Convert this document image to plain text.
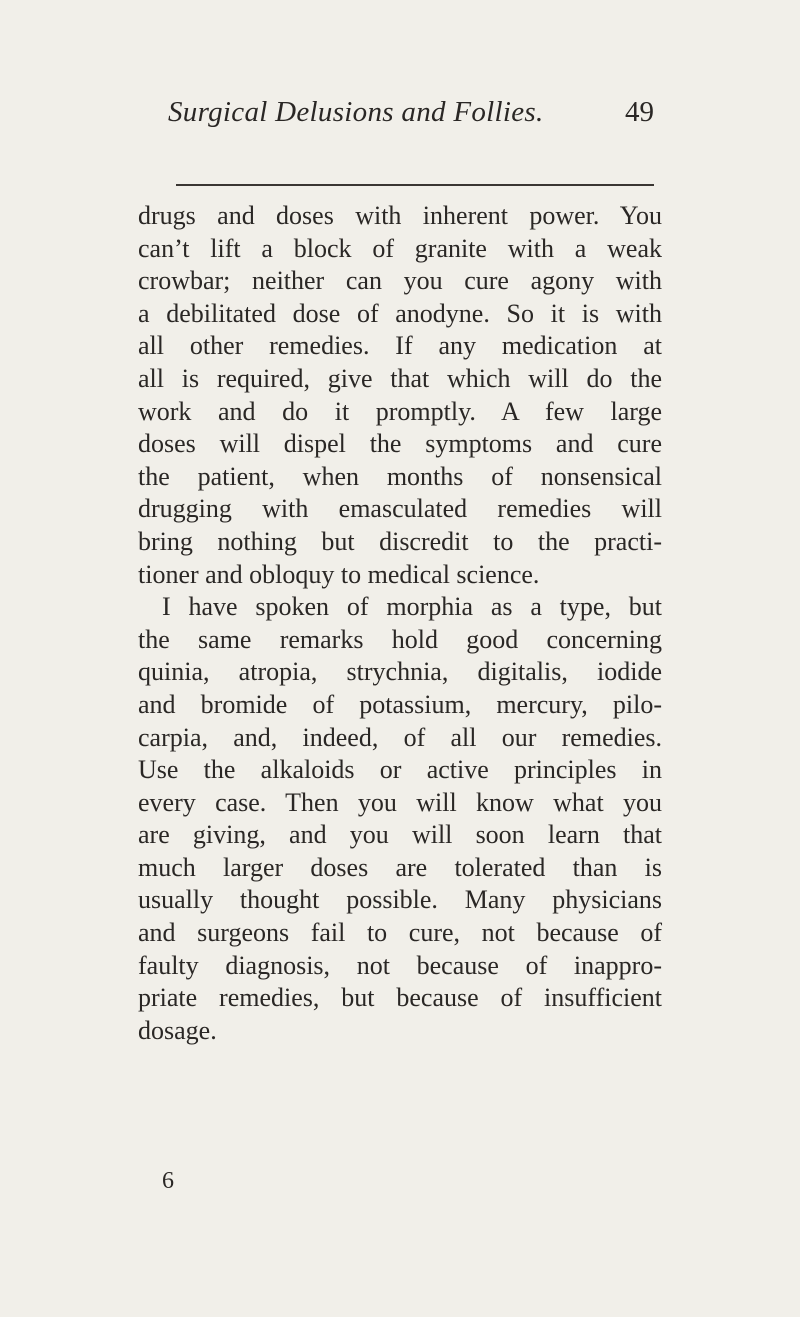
Surgical Delusions and Follies.	49
drugs and doses with inherent power. You
can’t lift a block of granite with a weak
crowbar; neither can you cure agony with
a debilitated dose of anodyne. So it is with
all other remedies. If any medication at
all is required, give that which will do the
work and do it promptly. A few large
doses will dispel the symptoms and cure
the patient, when months of nonsensical
drugging with emasculated remedies will
bring nothing but discredit to the practi-
tioner and obloquy to medical science.
I have spoken of morphia as a type, but
the same remarks hold good concerning
quinia, atropia, strychnia, digitalis, iodide
and bromide of potassium, mercury, pilo-
carpia, and, indeed, of all our remedies.
Use the alkaloids or active principles in
every case. Then you will know what you
are giving, and you will soon learn that
much larger doses are tolerated than is
usually thought possible. Many physicians
and surgeons fail to cure, not because of
faulty diagnosis, not because of inappro-
priate remedies, but because of insufficient
dosage.
6
